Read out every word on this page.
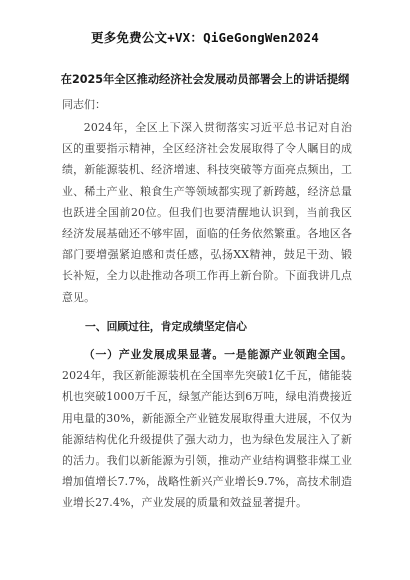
更多免费公文+VX：QiGeGongWen2024
在2025年全区推动经济社会发展动员部署会上的讲话提纲
同志们：

2024年，全区上下深入贯彻落实习近平总书记对自治区的重要指示精神，全区经济社会发展取得了令人瞩目的成绩，新能源装机、经济增速、科技突破等方面亮点频出，工业、稀土产业、粮食生产等领域都实现了新跨越，经济总量也跃进全国前20位。但我们也要清醒地认识到，当前我区经济发展基础还不够牢固，面临的任务依然繁重。各地区各部门要增强紧迫感和责任感，弘扬XX精神，鼓足干劲、锻长补短，全力以赴推动各项工作再上新台阶。下面我讲几点意见。

一、回顾过往，肯定成绩坚定信心

（一）产业发展成果显著。一是能源产业领跑全国。2024年，我区新能源装机在全国率先突破1亿千瓦，储能装机也突破1000万千瓦，绿氢产能达到6万吨，绿电消费接近用电量的30%，新能源全产业链发展取得重大进展，不仅为能源结构优化升级提供了强大动力，也为绿色发展注入了新的活力。我们以新能源为引领，推动产业结构调整非煤工业增加值增长7.7%，战略性新兴产业增长9.7%，高技术制造业增长27.4%，产业发展的质量和效益显著提升。
